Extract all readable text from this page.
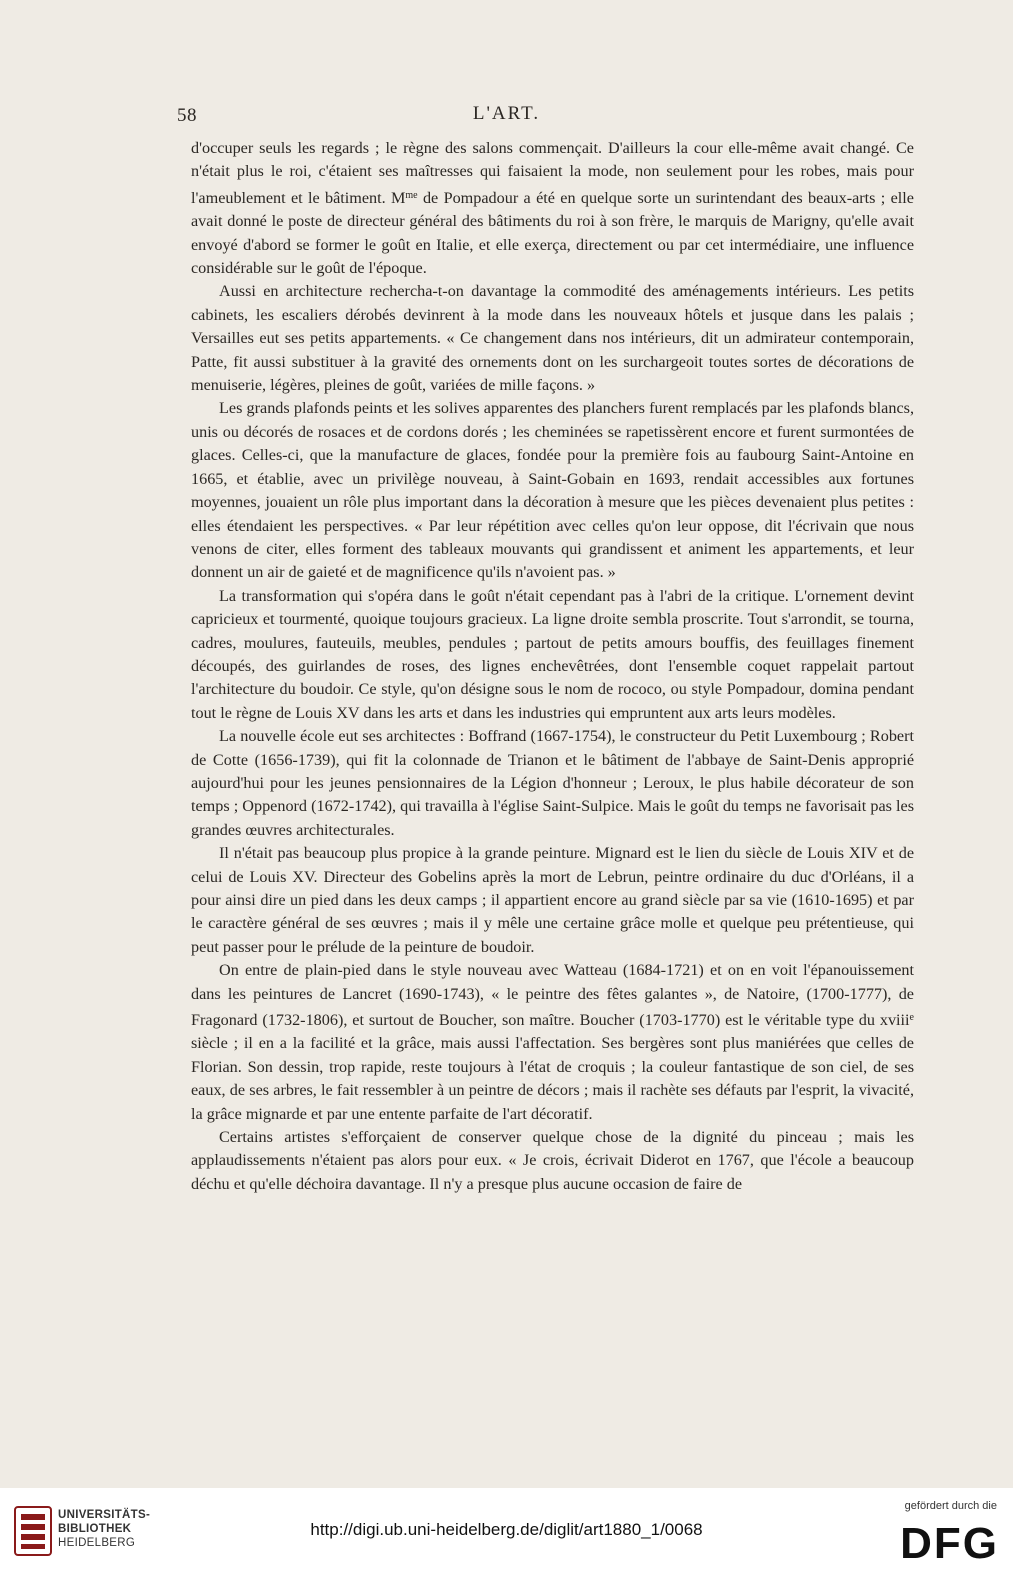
58	L'ART.

d'occuper seuls les regards ; le règne des salons commençait. D'ailleurs la cour elle-même avait changé. Ce n'était plus le roi, c'étaient ses maîtresses qui faisaient la mode, non seulement pour les robes, mais pour l'ameublement et le bâtiment. $M^{me}$ de Pompadour a été en quelque sorte un surintendant des beaux-arts ; elle avait donné le poste de directeur général des bâtiments du roi à son frère, le marquis de Marigny, qu'elle avait envoyé d'abord se former le goût en Italie, et elle exerça, directement ou par cet intermédiaire, une influence considérable sur le goût de l'époque.

Aussi en architecture rechercha-t-on davantage la commodité des aménagements intérieurs. Les petits cabinets, les escaliers dérobés devinrent à la mode dans les nouveaux hôtels et jusque dans les palais ; Versailles eut ses petits appartements. « Ce changement dans nos intérieurs, dit un admirateur contemporain, Patte, fit aussi substituer à la gravité des ornements dont on les surchargeoit toutes sortes de décorations de menuiserie, légères, pleines de goût, variées de mille façons. »

Les grands plafonds peints et les solives apparentes des planchers furent remplacés par les plafonds blancs, unis ou décorés de rosaces et de cordons dorés ; les cheminées se rapetissèrent encore et furent surmontées de glaces. Celles-ci, que la manufacture de glaces, fondée pour la première fois au faubourg Saint-Antoine en 1665, et établie, avec un privilège nouveau, à Saint-Gobain en 1693, rendait accessibles aux fortunes moyennes, jouaient un rôle plus important dans la décoration à mesure que les pièces devenaient plus petites : elles étendaient les perspectives. « Par leur répétition avec celles qu'on leur oppose, dit l'écrivain que nous venons de citer, elles forment des tableaux mouvants qui grandissent et animent les appartements, et leur donnent un air de gaieté et de magnificence qu'ils n'avoient pas. »

La transformation qui s'opéra dans le goût n'était cependant pas à l'abri de la critique. L'ornement devint capricieux et tourmenté, quoique toujours gracieux. La ligne droite sembla proscrite. Tout s'arrondit, se tourna, cadres, moulures, fauteuils, meubles, pendules ; partout de petits amours bouffis, des feuillages finement découpés, des guirlandes de roses, des lignes enchevêtrées, dont l'ensemble coquet rappelait partout l'architecture du boudoir. Ce style, qu'on désigne sous le nom de rococo, ou style Pompadour, domina pendant tout le règne de Louis XV dans les arts et dans les industries qui empruntent aux arts leurs modèles.

La nouvelle école eut ses architectes : Boffrand (1667-1754), le constructeur du Petit Luxembourg ; Robert de Cotte (1656-1739), qui fit la colonnade de Trianon et le bâtiment de l'abbaye de Saint-Denis approprié aujourd'hui pour les jeunes pensionnaires de la Légion d'honneur ; Leroux, le plus habile décorateur de son temps ; Oppenord (1672-1742), qui travailla à l'église Saint-Sulpice. Mais le goût du temps ne favorisait pas les grandes œuvres architecturales.

Il n'était pas beaucoup plus propice à la grande peinture. Mignard est le lien du siècle de Louis XIV et de celui de Louis XV. Directeur des Gobelins après la mort de Lebrun, peintre ordinaire du duc d'Orléans, il a pour ainsi dire un pied dans les deux camps ; il appartient encore au grand siècle par sa vie (1610-1695) et par le caractère général de ses œuvres ; mais il y mêle une certaine grâce molle et quelque peu prétentieuse, qui peut passer pour le prélude de la peinture de boudoir.

On entre de plain-pied dans le style nouveau avec Watteau (1684-1721) et on en voit l'épanouissement dans les peintures de Lancret (1690-1743), « le peintre des fêtes galantes », de Natoire, (1700-1777), de Fragonard (1732-1806), et surtout de Boucher, son maître. Boucher (1703-1770) est le véritable type du xviii$^e$ siècle ; il en a la facilité et la grâce, mais aussi l'affectation. Ses bergères sont plus maniérées que celles de Florian. Son dessin, trop rapide, reste toujours à l'état de croquis ; la couleur fantastique de son ciel, de ses eaux, de ses arbres, le fait ressembler à un peintre de décors ; mais il rachète ses défauts par l'esprit, la vivacité, la grâce mignarde et par une entente parfaite de l'art décoratif.

Certains artistes s'efforçaient de conserver quelque chose de la dignité du pinceau ; mais les applaudissements n'étaient pas alors pour eux. « Je crois, écrivait Diderot en 1767, que l'école a beaucoup déchu et qu'elle déchoira davantage. Il n'y a presque plus aucune occasion de faire de

UNIVERSITÄTS-
BIBLIOTHEK
HEIDELBERG
http://digi.ub.uni-heidelberg.de/diglit/art1880_1/0068
gefördert durch die
DFG
